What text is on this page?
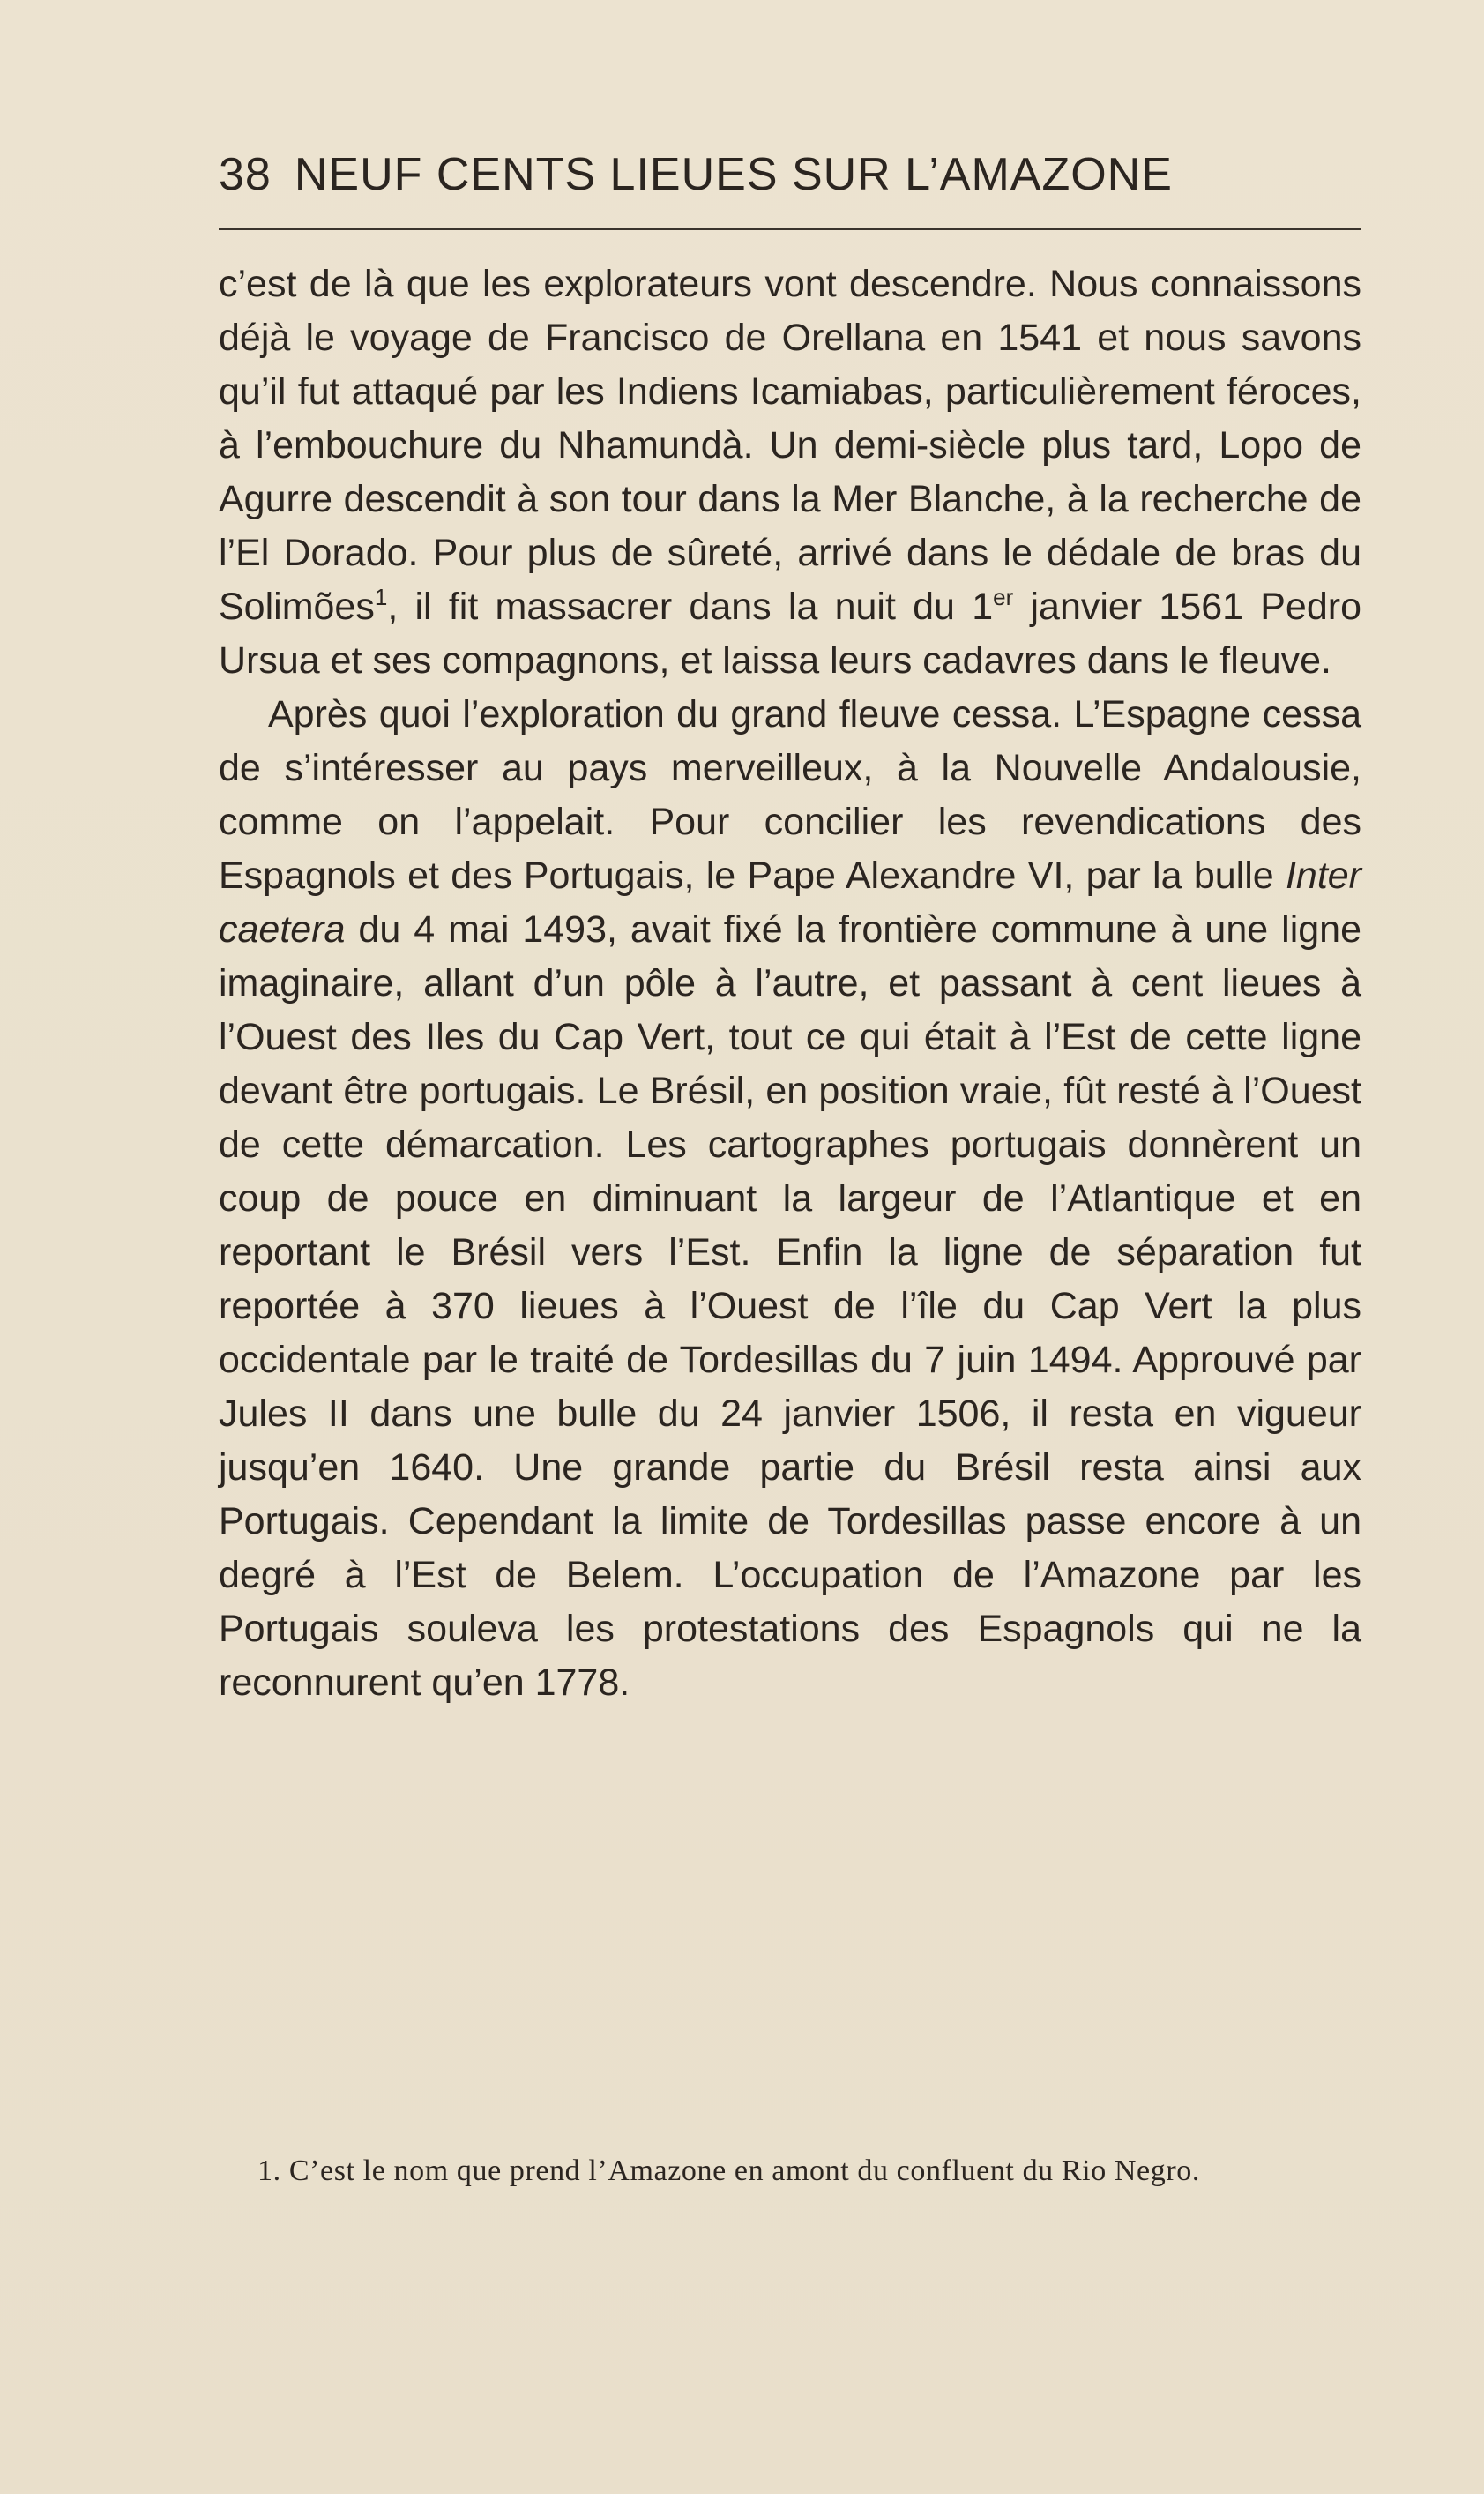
38 NEUF CENTS LIEUES SUR L’AMAZONE

c’est de là que les explorateurs vont descendre. Nous connaissons déjà le voyage de Francisco de Orellana en 1541 et nous savons qu’il fut attaqué par les Indiens Icamiabas, particulièrement féroces, à l’embouchure du Nhamundà. Un demi-siècle plus tard, Lopo de Agurre descendit à son tour dans la Mer Blanche, à la recherche de l’El Dorado. Pour plus de sûreté, arrivé dans le dédale de bras du Solimões$^1$, il fit massacrer dans la nuit du 1er janvier 1561 Pedro Ursua et ses compagnons, et laissa leurs cadavres dans le fleuve.

Après quoi l’exploration du grand fleuve cessa. L’Espagne cessa de s’intéresser au pays merveilleux, à la Nouvelle Andalousie, comme on l’appelait. Pour concilier les revendications des Espagnols et des Portugais, le Pape Alexandre VI, par la bulle Inter caetera du 4 mai 1493, avait fixé la frontière commune à une ligne imaginaire, allant d’un pôle à l’autre, et passant à cent lieues à l’Ouest des Iles du Cap Vert, tout ce qui était à l’Est de cette ligne devant être portugais. Le Brésil, en position vraie, fût resté à l’Ouest de cette démarcation. Les cartographes portugais donnèrent un coup de pouce en diminuant la largeur de l’Atlantique et en reportant le Brésil vers l’Est. Enfin la ligne de séparation fut reportée à 370 lieues à l’Ouest de l’île du Cap Vert la plus occidentale par le traité de Tordesillas du 7 juin 1494. Approuvé par Jules II dans une bulle du 24 janvier 1506, il resta en vigueur jusqu’en 1640. Une grande partie du Brésil resta ainsi aux Portugais. Cependant la limite de Tordesillas passe encore à un degré à l’Est de Belem. L’occupation de l’Amazone par les Portugais souleva les protestations des Espagnols qui ne la reconnurent qu’en 1778.

1. C’est le nom que prend l’Amazone en amont du confluent du Rio Negro.
